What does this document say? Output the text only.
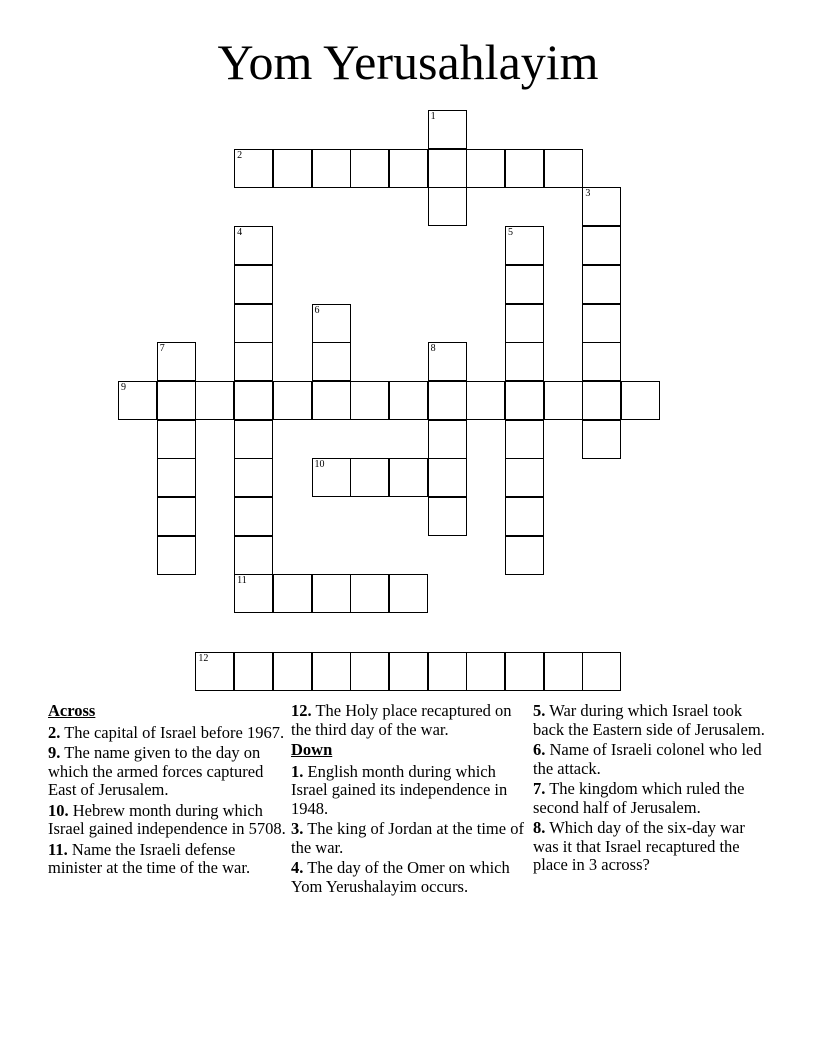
Yom Yerusahlayim
1
2
3
4	5
6
7	8
9
10
11
12
Across
2. The capital of Israel before 1967.
9. The name given to the day on which the armed forces captured East of Jerusalem.
10. Hebrew month during which Israel gained independence in 5708.
11. Name the Israeli defense minister at the time of the war.
12. The Holy place recaptured on the third day of the war.
Down
1. English month during which Israel gained its independence in 1948.
3. The king of Jordan at the time of the war.
4. The day of the Omer on which Yom Yerushalayim occurs.
5. War during which Israel took back the Eastern side of Jerusalem.
6. Name of Israeli colonel who led the attack.
7. The kingdom which ruled the second half of Jerusalem.
8. Which day of the six-day war was it that Israel recaptured the place in 3 across?
